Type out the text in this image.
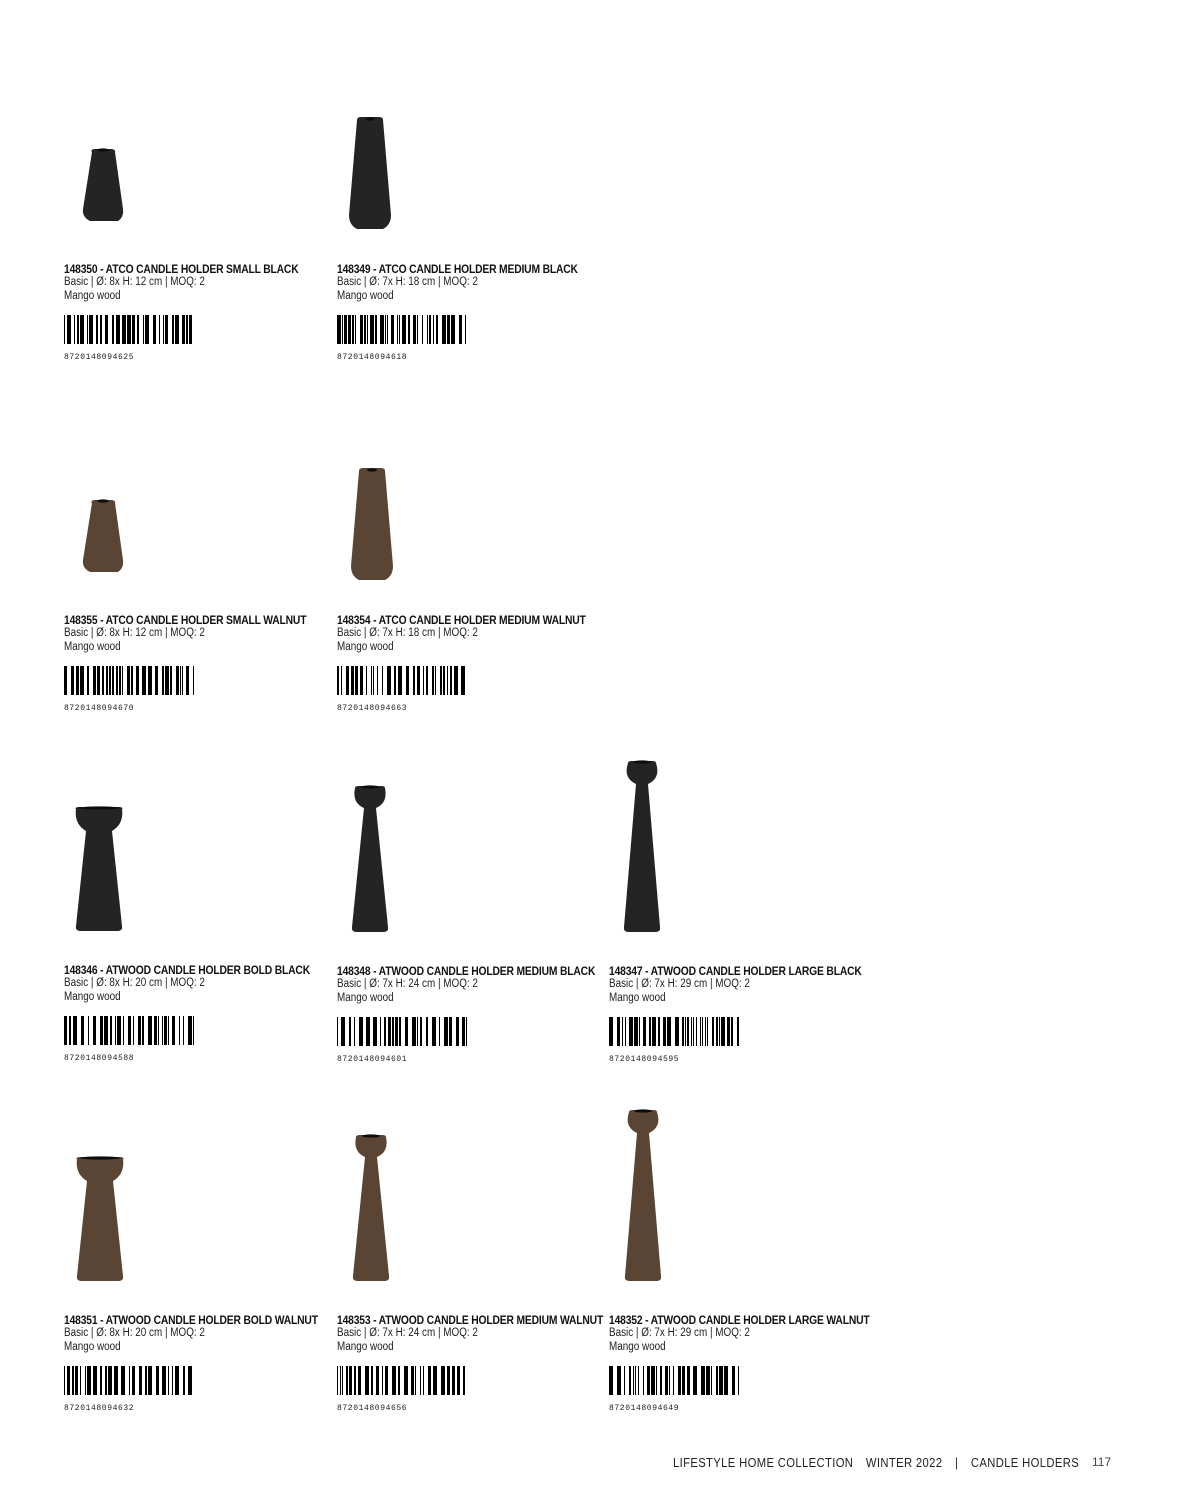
148350 - ATCO CANDLE HOLDER SMALL BLACK
Basic | Ø: 8x H: 12 cm | MOQ: 2
Mango wood
8720148094625
148349 - ATCO CANDLE HOLDER MEDIUM BLACK
Basic | Ø: 7x H: 18 cm | MOQ: 2
Mango wood
8720148094618
148355 - ATCO CANDLE HOLDER SMALL WALNUT
Basic | Ø: 8x H: 12 cm | MOQ: 2
Mango wood
8720148094670
148354 - ATCO CANDLE HOLDER MEDIUM WALNUT
Basic | Ø: 7x H: 18 cm | MOQ: 2
Mango wood
8720148094663
148346 - ATWOOD CANDLE HOLDER BOLD BLACK
Basic | Ø: 8x H: 20 cm | MOQ: 2
Mango wood
8720148094588
148348 - ATWOOD CANDLE HOLDER MEDIUM BLACK
Basic | Ø: 7x H: 24 cm | MOQ: 2
Mango wood
8720148094601
148347 - ATWOOD CANDLE HOLDER LARGE BLACK
Basic | Ø: 7x H: 29 cm | MOQ: 2
Mango wood
8720148094595
148351 - ATWOOD CANDLE HOLDER BOLD WALNUT
Basic | Ø: 8x H: 20 cm | MOQ: 2
Mango wood
8720148094632
148353 - ATWOOD CANDLE HOLDER MEDIUM WALNUT
Basic | Ø: 7x H: 24 cm | MOQ: 2
Mango wood
8720148094656
148352 - ATWOOD CANDLE HOLDER LARGE WALNUT
Basic | Ø: 7x H: 29 cm | MOQ: 2
Mango wood
8720148094649
LIFESTYLE HOME COLLECTION WINTER 2022 | CANDLE HOLDERS 117
